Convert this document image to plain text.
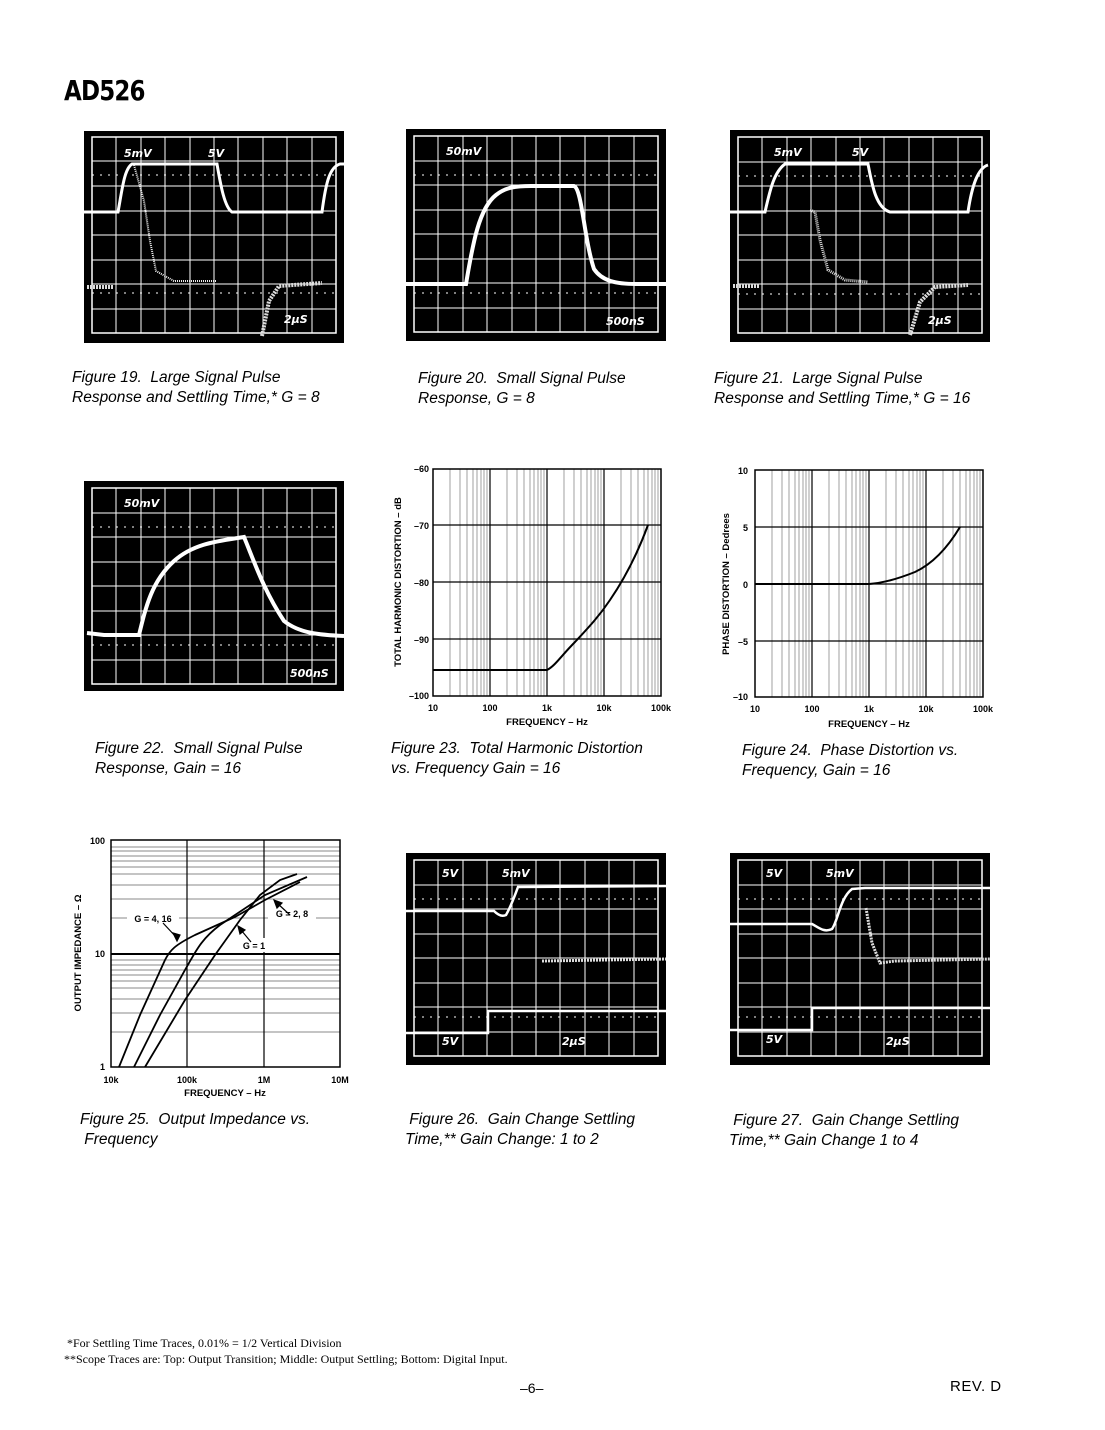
AD526
5mV	5V
2μS
50mV
500nS
5mV	5V
2μS
Figure 19.  Large Signal Pulse
Response and Settling Time,* G = 8
Figure 20.  Small Signal Pulse
Response, G = 8
Figure 21.  Large Signal Pulse
Response and Settling Time,* G = 16
50mV
500nS
–60
–70
–80
–90
–100
10	100	1k	10k	100k
FREQUENCY – Hz
TOTAL HARMONIC DISTORTION – dB
10
5
0
–5
–10
10	100	1k	10k	100k
FREQUENCY – Hz
PHASE DISTORTION – Dedrees
Figure 22.  Small Signal Pulse
Response, Gain = 16
Figure 23.  Total Harmonic Distortion
vs. Frequency Gain = 16
Figure 24.  Phase Distortion vs.
Frequency, Gain = 16
G = 4, 16	G = 2, 8
G = 1
100
10
1
10k	100k	1M	10M
FREQUENCY – Hz
OUTPUT IMPEDANCE – Ω
5V	5mV
5V	2μS
5V	5mV
5V	2μS
Figure 25.  Output Impedance vs.
Frequency
Figure 26.  Gain Change Settling
Time,** Gain Change: 1 to 2
Figure 27.  Gain Change Settling
Time,** Gain Change 1 to 4
*For Settling Time Traces, 0.01% = 1/2 Vertical Division
**Scope Traces are: Top: Output Transition; Middle: Output Settling; Bottom: Digital Input.
–6–	REV. D
